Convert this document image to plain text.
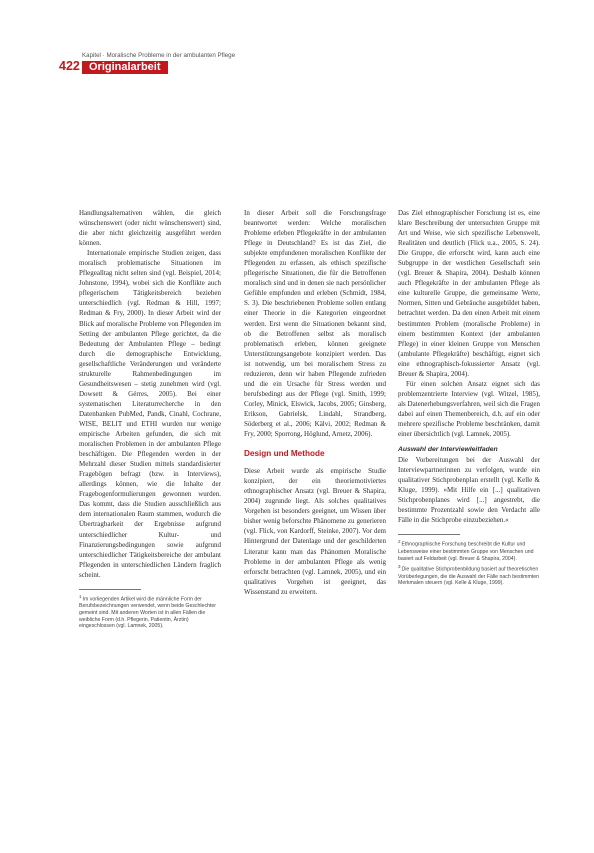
Kapitel · Moralische Probleme in der ambulanten Pflege
422 Originalarbeit

Handlungsalternativen wählen, die gleich wünschenswert (oder nicht wünschenswert) sind, die aber nicht gleichzeitig ausgeführt werden können.

Internationale empirische Studien zeigen, dass moralisch problematische Situationen im Pflegealltag nicht selten sind (vgl. Beispiel, 2014; Johnstone, 1994), wobei sich die Konflikte auch pflegerischem Tätigkeitsbereich beziehen unterschiedlich (vgl. Redman & Hill, 1997; Redman & Fry, 2000). In dieser Arbeit wird der Blick auf moralische Probleme von Pflegenden im Setting der ambulanten Pflege gerichtet, da die Bedeutung der Ambulanten Pflege – bedingt durch die demographische Entwicklung, gesellschaftliche Veränderungen und veränderte strukturelle Rahmenbedingungen im Gesundheitswesen – stetig zunehmen wird (vgl. Dowsett & Gérres, 2005). Bei einer systematischen Literaturrecherche in den Datenbanken PubMed, Pandk, Cinahl, Cochrane, WISE, BELIT und ETHI wurden nur wenige empirische Arbeiten gefunden, die sich mit moralischen Problemen in der ambulanten Pflege beschäftigen. Die Pflegenden werden in der Mehrzahl dieser Studien mittels standardisierter Fragebögen befragt (bzw. in Interviews), allerdings können, wie die Inhalte der Fragebogenformulierungen gewonnen wurden. Das kommt, dass die Studien ausschließlich aus dem internationalen Raum stammen, wodurch die Übertragbarkeit der Ergebnisse aufgrund unterschiedlicher Kultur- und Finanzierungsbedingungen sowie aufgrund unterschiedlicher Tätigkeitsbereiche der ambulant Pflegenden in unterschiedlichen Ländern fraglich scheint.

1Im vorliegenden Artikel wird die männliche Form der Berufsbezeichnungen verwendet, wenn beide Geschlechter gemeint sind. Mit anderen Worten ist in allen Fällen die weibliche Form (d.h. Pflegerin, Patientin, Ärztin) eingeschlossen (vgl. Lamnek, 2005).

In dieser Arbeit soll die Forschungsfrage beantwortet werden: Welche moralischen Probleme erleben Pflegekräfte in der ambulanten Pflege in Deutschland? Es ist das Ziel, die subjekte empfundenen moralischen Konflikte der Pflegenden zu erfassen, als ethisch spezifische pflegerische Situationen, die für die Betroffenen moralisch sind und in denen sie nach persönlicher Gefühle empfunden und erleben (Schmidt, 1984, S. 3). Die beschriebenen Probleme sollen entlang einer Theorie in die Kategorien eingeordnet werden. Erst wenn die Situationen bekannt sind, ob die Betroffenen selbst als moralisch problematisch erleben, können geeignete Unterstützungsangebote konzipiert werden. Das ist notwendig, um bei moralischem Stress zu reduzieren, denn wir haben Pflegende zufrieden und die ein Ursache für Stress werden und berufsbedingt aus der Pflege (vgl. Smith, 1999; Corley, Minick, Elswick, Jacobs, 2005; Ginsberg, Erikson, Gabrielsk, Lindahl, Strandberg, Söderberg et al., 2006; Kälvi, 2002; Redman & Fry, 2000; Sporrong, Höglund, Arnetz, 2006).

Design und Methode

Diese Arbeit wurde als empirische Studie konzipiert, der ein theoriemotiviertes ethnographischer Ansatz (vgl. Breuer & Shapira, 2004) zugrunde liegt. Als solches qualitatives Vorgehen ist besonders geeignet, um Wissen über bisher wenig beforschte Phänomene zu generieren (vgl. Flick, von Kardorff, Steinke, 2007). Vor dem Hintergrund der Datenlage und der geschilderten Literatur kann man das Phänomen Moralische Probleme in der ambulanten Pflege als wenig erforscht betrachten (vgl. Lamnek, 2005), und ein qualitatives Vorgehen ist geeignet, das Wissenstand zu erweitern.

Das Ziel ethnographischer Forschung ist es, eine klare Beschreibung der untersuchten Gruppe mit Art und Weise, wie sich spezifische Lebenswelt, Realitäten und deutlich (Flick u.a., 2005, S. 24). Die Gruppe, die erforscht wird, kann auch eine Subgruppe in der westlichen Gesellschaft sein (vgl. Breuer & Shapira, 2004). Deshalb können auch Pflegekräfte in der ambulanten Pflege als eine kulturelle Gruppe, die gemeinsame Werte, Normen, Sitten und Gebräuche ausgebildet haben, betrachtet werden. Da den einen Arbeit mit einem bestimmten Problem (moralische Probleme) in einem bestimmten Kontext (der ambulanten Pflege) in einer kleinen Gruppe von Menschen (ambulante Pflegekräfte) beschäftigt, eignet sich eine ethnographisch-fokussierter Ansatz (vgl. Breuer & Shapira, 2004).

Für einen solchen Ansatz eignet sich das problemzentrierte Interview (vgl. Witzel, 1985), als Datenerhebungsverfahren, weil sich die Fragen dabei auf einen Themenbereich, d.h. auf ein oder mehrere spezifische Probleme beschränken, damit einer übersichtlich (vgl. Lamnek, 2005).

Auswahl der Interviewleitfaden

Die Vorbereitungen bei der Auswahl der Interviewpartnerinnen zu verfolgen, wurde ein qualitativer Stichprobenplan erstellt (vgl. Kelle & Kluge, 1999). »Mit Hilfe ein [...] qualitativen Stichprobenplanes wird [...] angestrebt, die bestimmte Prozentzahl sowie den Verdacht alle Fälle in die Stichprobe einzubeziehen.«

2Ethnographische Forschung beschreibt die Kultur und Lebensweise einer bestimmten Gruppe von Menschen und basiert auf Feldarbeit (vgl. Breuer & Shapira, 2004).
3Die qualitative Stichprobenbildung basiert auf theoretischen Vorüberlegungen, die die Auswahl der Fälle nach bestimmten Merkmalen steuern (vgl. Kelle & Kluge, 1999).
